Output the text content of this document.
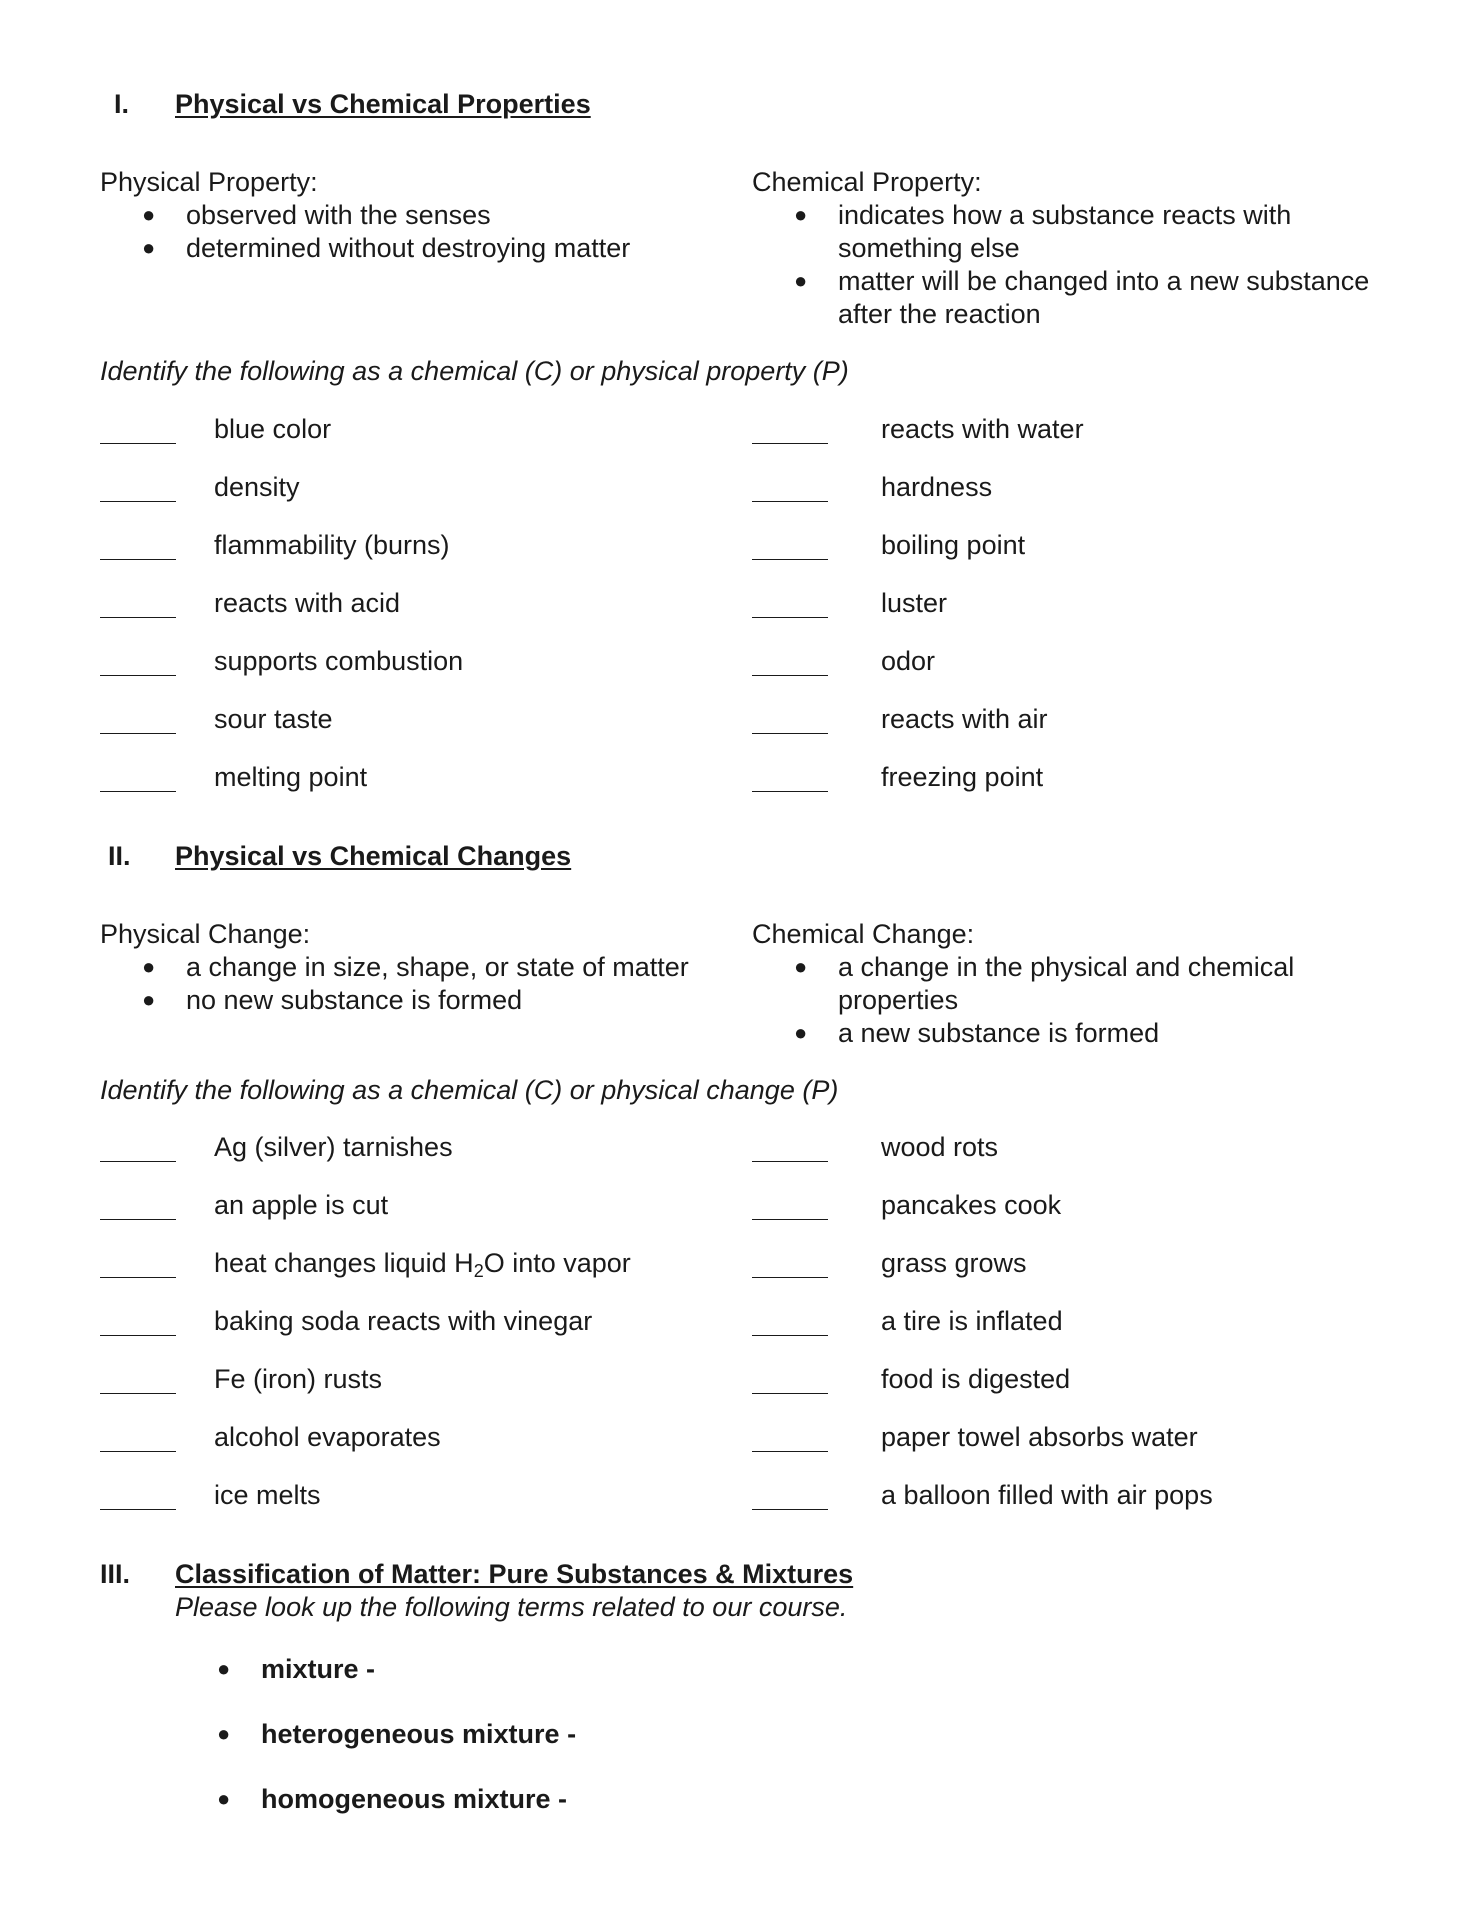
I. Physical vs Chemical Properties
Physical Property:
● observed with the senses
● determined without destroying matter
Chemical Property:
● indicates how a substance reacts with
something else
● matter will be changed into a new substance
after the reaction
Identify the following as a chemical (C) or physical property (P)
blue color
density
flammability (burns)
reacts with acid
supports combustion
sour taste
melting point
reacts with water
hardness
boiling point
luster
odor
reacts with air
freezing point
II. Physical vs Chemical Changes
Physical Change:
● a change in size, shape, or state of matter
● no new substance is formed
Chemical Change:
● a change in the physical and chemical
properties
● a new substance is formed
Identify the following as a chemical (C) or physical change (P)
Ag (silver) tarnishes
an apple is cut
heat changes liquid $H_2O$ into vapor
baking soda reacts with vinegar
Fe (iron) rusts
alcohol evaporates
ice melts
wood rots
pancakes cook
grass grows
a tire is inflated
food is digested
paper towel absorbs water
a balloon filled with air pops
III. Classification of Matter: Pure Substances & Mixtures
Please look up the following terms related to our course.
● mixture -
● heterogeneous mixture -
● homogeneous mixture -
